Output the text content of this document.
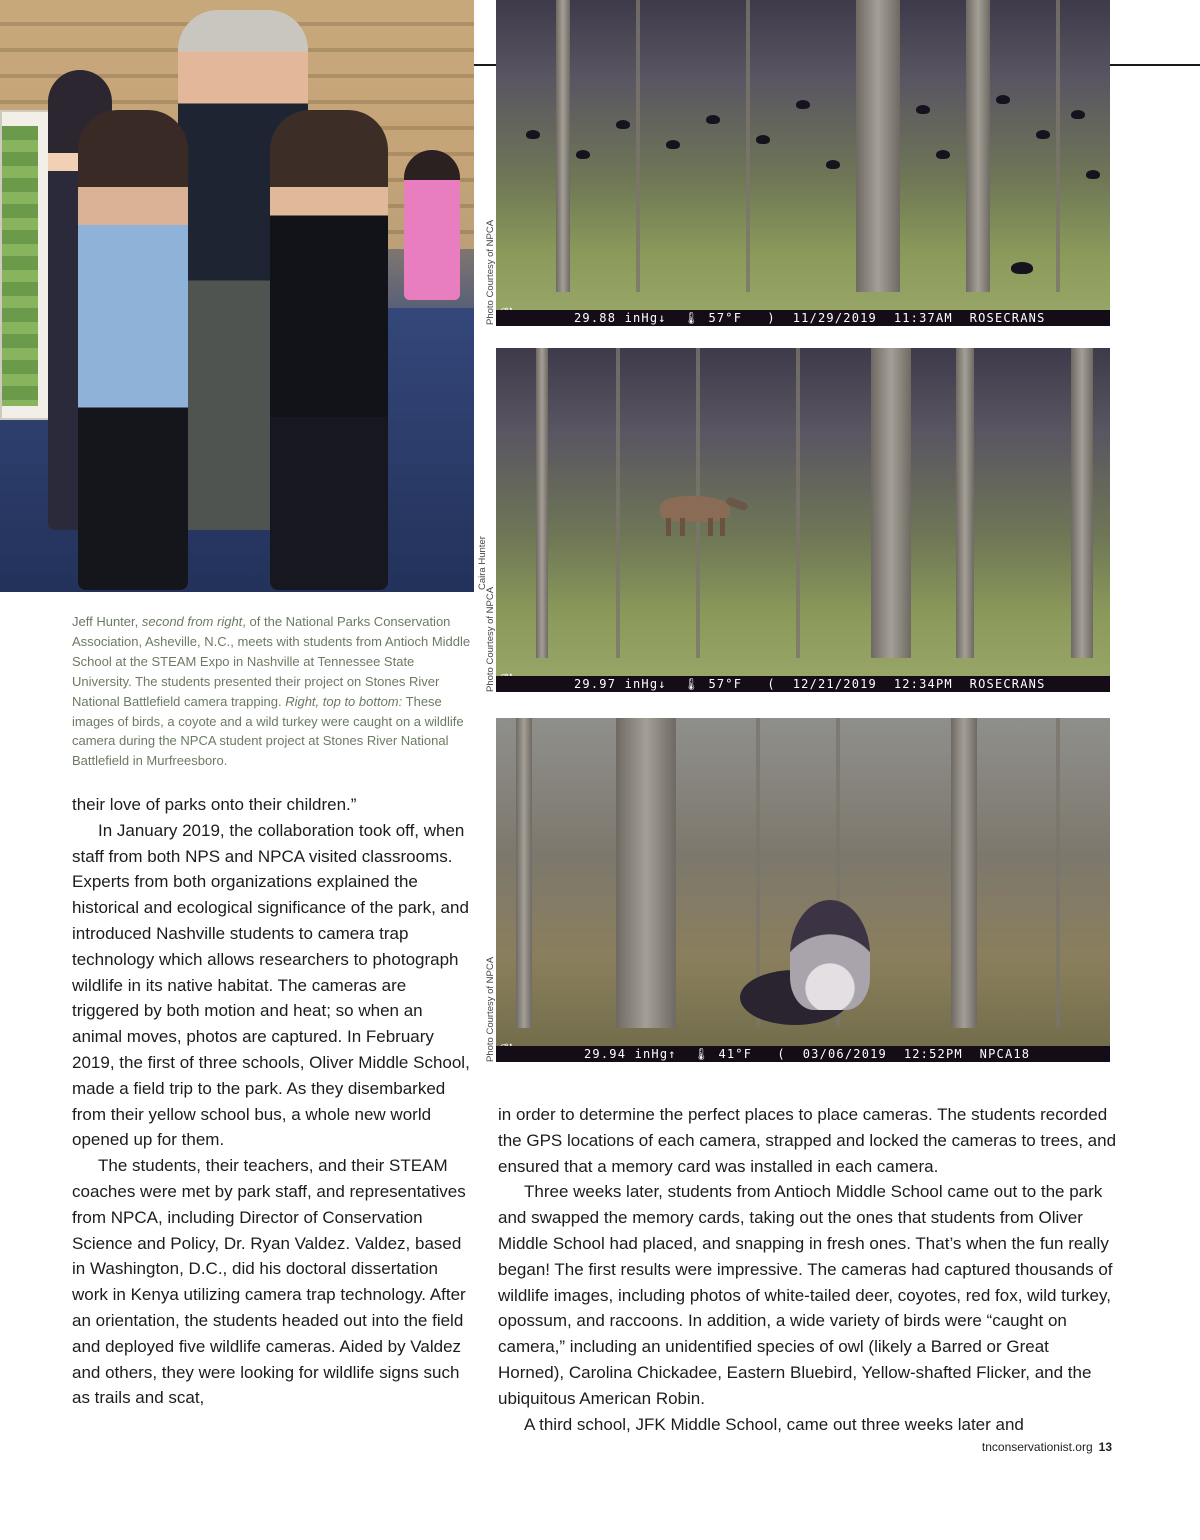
Caira Hunter
29.88 inHg↓ 🌡 57°F ) 11/29/2019 11:37AM ROSECRANS
Photo Courtesy of NPCA
29.97 inHg↓ 🌡 57°F ( 12/21/2019 12:34PM ROSECRANS
Photo Courtesy of NPCA
29.94 inHg↑ 🌡 41°F ( 03/06/2019 12:52PM NPCA18
Photo Courtesy of NPCA
Jeff Hunter, second from right, of the National Parks Conservation Association, Asheville, N.C., meets with students from Antioch Middle School at the STEAM Expo in Nashville at Tennessee State University. The students presented their project on Stones River National Battlefield camera trapping. Right, top to bottom: These images of birds, a coyote and a wild turkey were caught on a wildlife camera during the NPCA student project at Stones River National Battlefield in Murfreesboro.

their love of parks onto their children.”

In January 2019, the collaboration took off, when staff from both NPS and NPCA visited classrooms. Experts from both organizations explained the historical and ecological significance of the park, and introduced Nashville students to camera trap technology which allows researchers to photograph wildlife in its native habitat. The cameras are triggered by both motion and heat; so when an animal moves, photos are captured. In February 2019, the first of three schools, Oliver Middle School, made a field trip to the park. As they disembarked from their yellow school bus, a whole new world opened up for them.

The students, their teachers, and their STEAM coaches were met by park staff, and representatives from NPCA, including Director of Conservation Science and Policy, Dr. Ryan Valdez. Valdez, based in Washington, D.C., did his doctoral dissertation work in Kenya utilizing camera trap technology. After an orientation, the students headed out into the field and deployed five wildlife cameras. Aided by Valdez and others, they were looking for wildlife signs such as trails and scat,

in order to determine the perfect places to place cameras. The students recorded the GPS locations of each camera, strapped and locked the cameras to trees, and ensured that a memory card was installed in each camera.

Three weeks later, students from Antioch Middle School came out to the park and swapped the memory cards, taking out the ones that students from Oliver Middle School had placed, and snapping in fresh ones. That’s when the fun really began! The first results were impressive. The cameras had captured thousands of wildlife images, including photos of white-tailed deer, coyotes, red fox, wild turkey, opossum, and raccoons. In addition, a wide variety of birds were “caught on camera,” including an unidentified species of owl (likely a Barred or Great Horned), Carolina Chickadee, Eastern Bluebird, Yellow-shafted Flicker, and the ubiquitous American Robin.

A third school, JFK Middle School, came out three weeks later and

tnconservationist.org 13
